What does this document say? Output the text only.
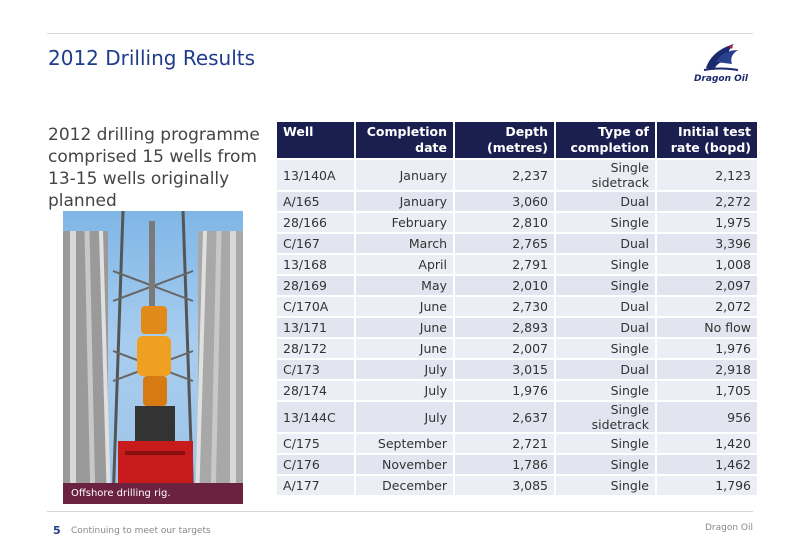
2012 Drilling Results
Dragon Oil
2012 drilling programme comprised 15 wells from 13-15 wells originally planned
Offshore drilling rig.
Well	Completion date	Depth (metres)	Type of completion	Initial test rate (bopd)
13/140A	January	2,237	Single sidetrack	2,123
A/165	January	3,060	Dual	2,272
28/166	February	2,810	Single	1,975
C/167	March	2,765	Dual	3,396
13/168	April	2,791	Single	1,008
28/169	May	2,010	Single	2,097
C/170A	June	2,730	Dual	2,072
13/171	June	2,893	Dual	No flow
28/172	June	2,007	Single	1,976
C/173	July	3,015	Dual	2,918
28/174	July	1,976	Single	1,705
13/144C	July	2,637	Single sidetrack	956
C/175	September	2,721	Single	1,420
C/176	November	1,786	Single	1,462
A/177	December	3,085	Single	1,796
5 Continuing to meet our targets	Dragon Oil
